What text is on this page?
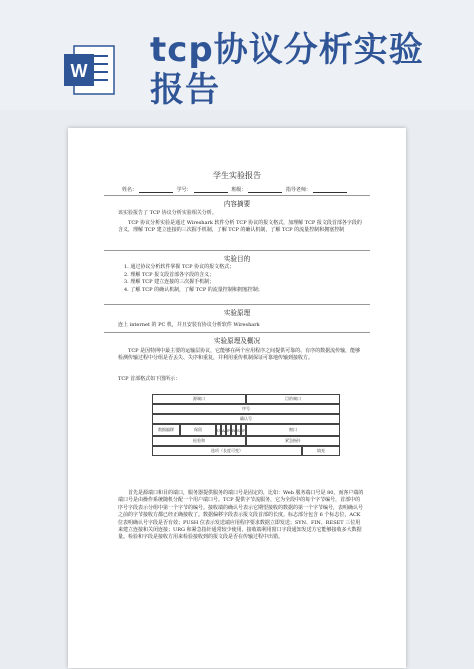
W
tcp协议分析实验报告
学生实验报告
姓名：	学号：	班级：	指导老师：
内容摘要
该实验报告了 TCP 协议分析实验相关分析。
TCP 协议分析实验是通过 Wireshark 软件分析 TCP 协议的报文格式，加理解 TCP 报文段首部各字段的含义，理解 TCP 建立连接的三次握手机制，了解 TCP 的确认机制，了解 TCP 的流量控制和拥塞控制
实验目的
1. 通过协议分析软件掌握 TCP 协议的报文格式；
2. 理解 TCP 报文段首部各字段的含义；
3. 理解 TCP 建立连接的三次握手机制；
4. 了解 TCP 的确认机制，了解 TCP 的流量控制和拥塞控制；
实验原理
连上 internet 的 PC 机，并且安装有协议分析软件 Wireshark
实验原理及概况
TCP 是因特网中最主要的运输层协议，它能够在两个应用程序之间提供可靠的、有序的数据流传输，能够检测传输过程中分组是否丢失、失序和重复，并利用重传机制保证可靠地传输到接收方。
TCP 首部格式如下图所示：
源端口	目的端口
序号
确认号
数据偏移	保留	U A P R S F	窗口
检验和	紧急指针
选项（长度可变）	填充
首先是源端口和目的端口，服务器提供服务的端口号是固定的，比如：Web 服务端口号是 80，而客户端的端口号是由操作系统随机分配一个用户端口号。TCP 提供字节流服务，它为全段中的每个字节编号，首部中的序号字段表示分组中第一个字节的编号。接收端的确认号表示它期望接收的数据的第一个字节编号，表明确认号之前的字节接收方都已经正确接收了。数据偏移字段表示报文段首部的长度。标志部分包含 6 个标志位，ACK 位表明确认号字段是否有效；PUSH 位表示发送端应用程序要求数据立即发送；SYN、FIN、RESET 三位用来建立连接和关闭连接；URG 和紧急指针通常较少使用，接收端利用窗口字段通知发送方它能够接收多大数据量。检验和字段是接收方用来检验接收到的报文段是否在传输过程中出错。
